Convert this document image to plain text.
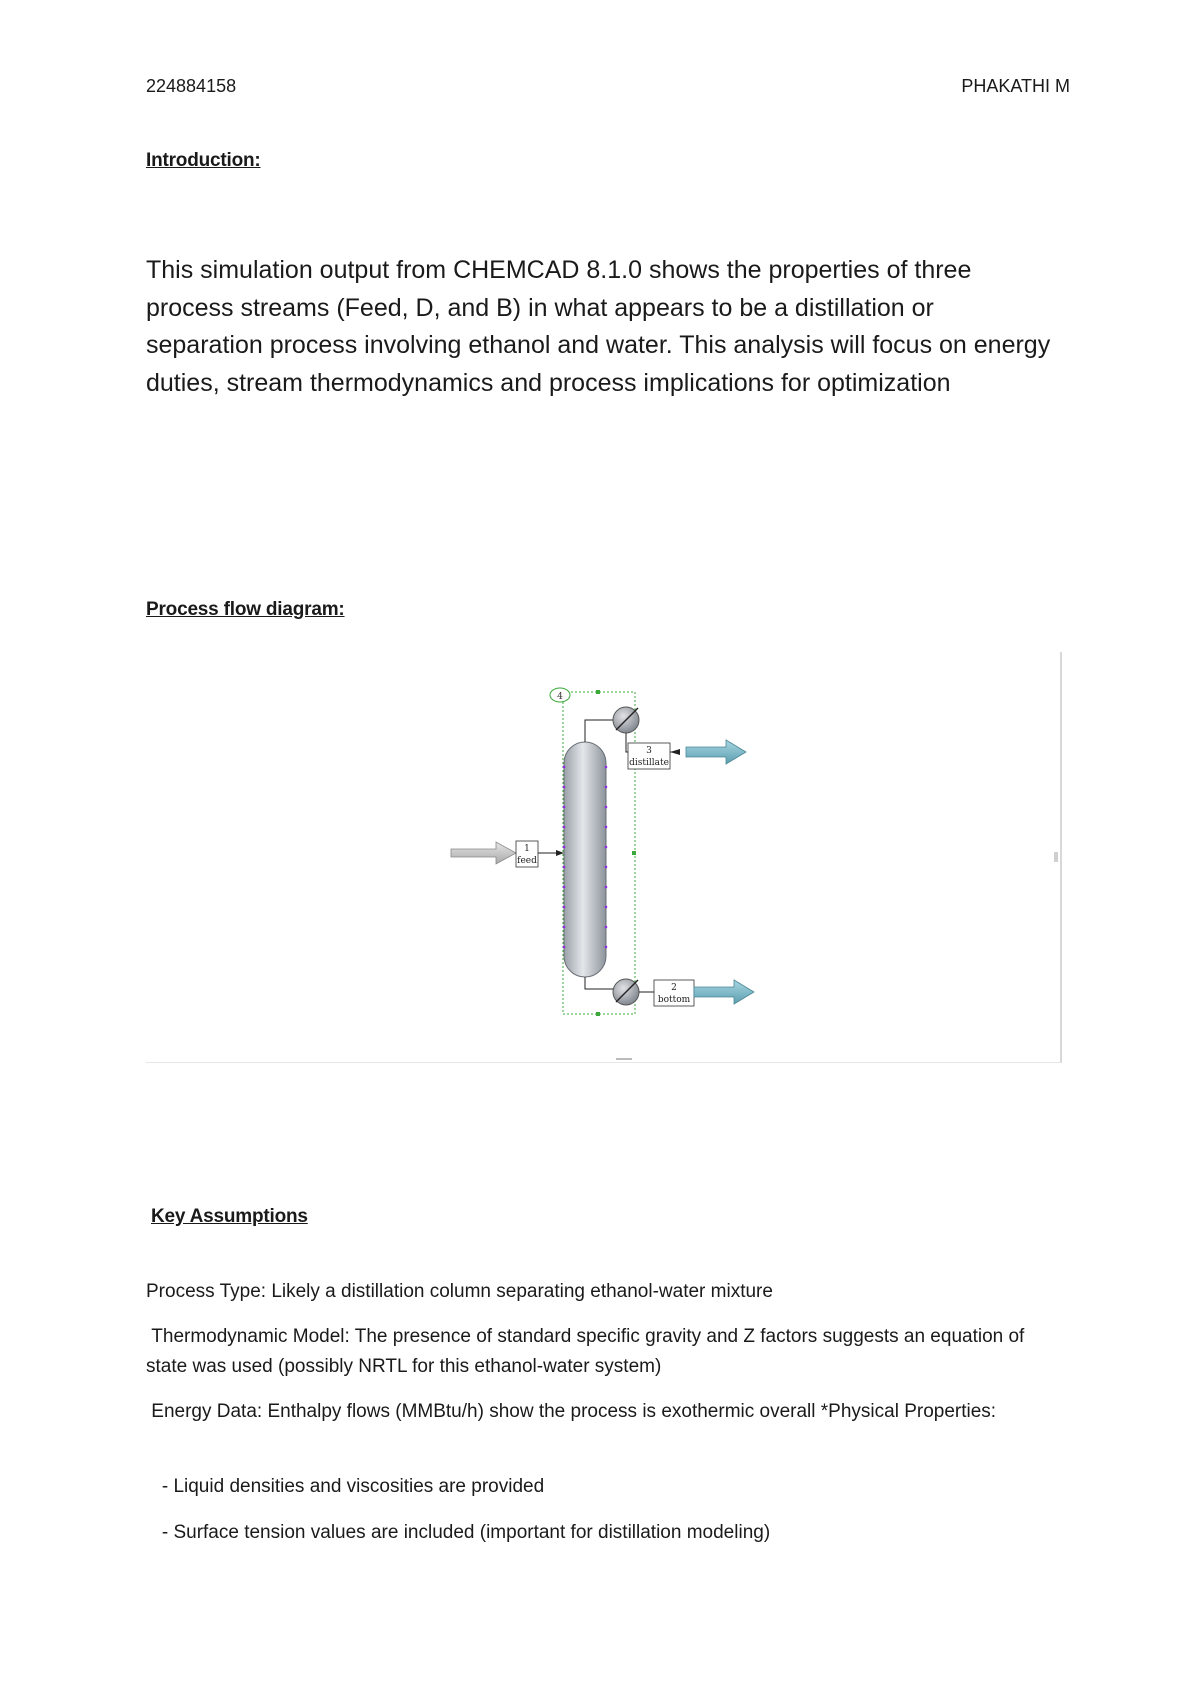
224884158	PHAKATHI M
Introduction:
This simulation output from CHEMCAD 8.1.0 shows the properties of three process streams (Feed, D, and B) in what appears to be a distillation or separation process involving ethanol and water. This analysis will focus on energy duties, stream thermodynamics and process implications for optimization
Process flow diagram:
4
3
distillate
1
feed
2
bottom
Key Assumptions

Process Type: Likely a distillation column separating ethanol-water mixture

Thermodynamic Model: The presence of standard specific gravity and Z factors suggests an equation of state was used (possibly NRTL for this ethanol-water system)

Energy Data: Enthalpy flows (MMBtu/h) show the process is exothermic overall *Physical Properties:

- Liquid densities and viscosities are provided

- Surface tension values are included (important for distillation modeling)
